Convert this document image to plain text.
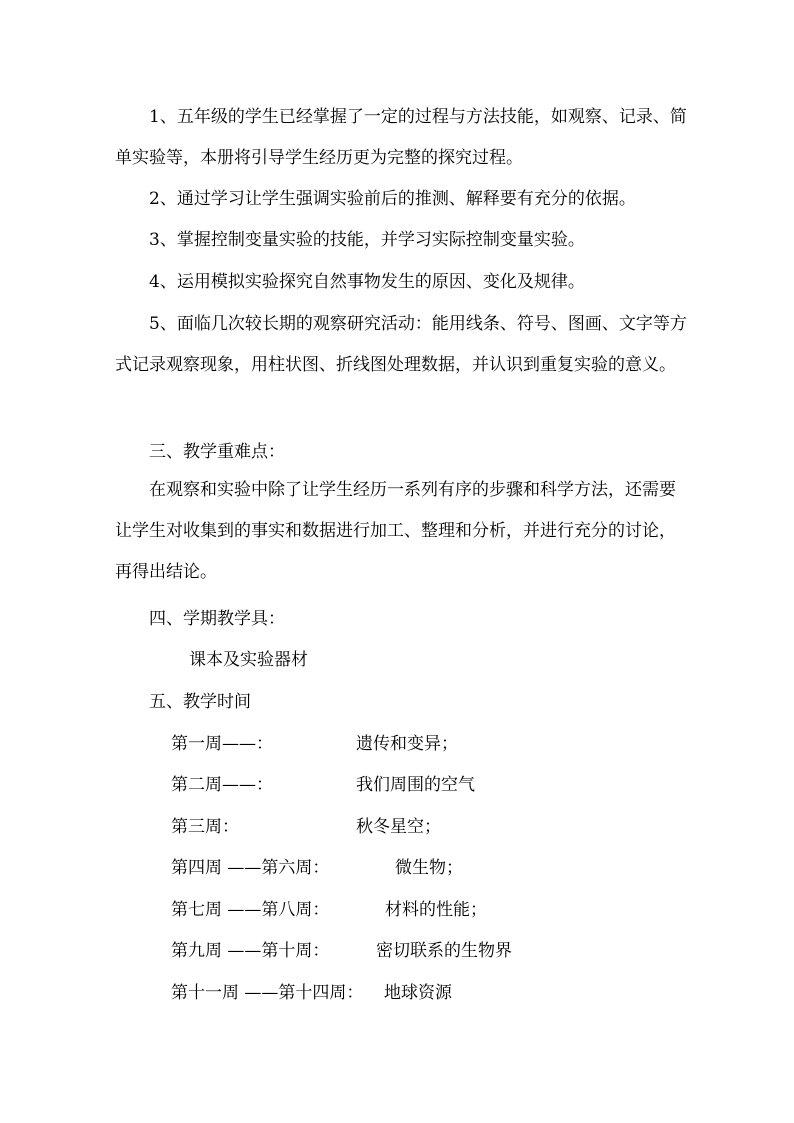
1、五年级的学生已经掌握了一定的过程与方法技能，如观察、记录、简单实验等，本册将引导学生经历更为完整的探究过程。

2、通过学习让学生强调实验前后的推测、解释要有充分的依据。

3、掌握控制变量实验的技能，并学习实际控制变量实验。

4、运用模拟实验探究自然事物发生的原因、变化及规律。

5、面临几次较长期的观察研究活动：能用线条、符号、图画、文字等方式记录观察现象，用柱状图、折线图处理数据，并认识到重复实验的意义。

三、教学重难点：

在观察和实验中除了让学生经历一系列有序的步骤和科学方法，还需要让学生对收集到的事实和数据进行加工、整理和分析，并进行充分的讨论，再得出结论。

四、学期教学具：

课本及实验器材

五、教学时间

第一周——：	遗传和变异；
第二周——：	我们周围的空气
第三周：	秋冬星空；
第四周 ——第六周：	微生物；
第七周 ——第八周：	材料的性能；
第九周 ——第十周：	密切联系的生物界
第十一周 ——第十四周： 地球资源
